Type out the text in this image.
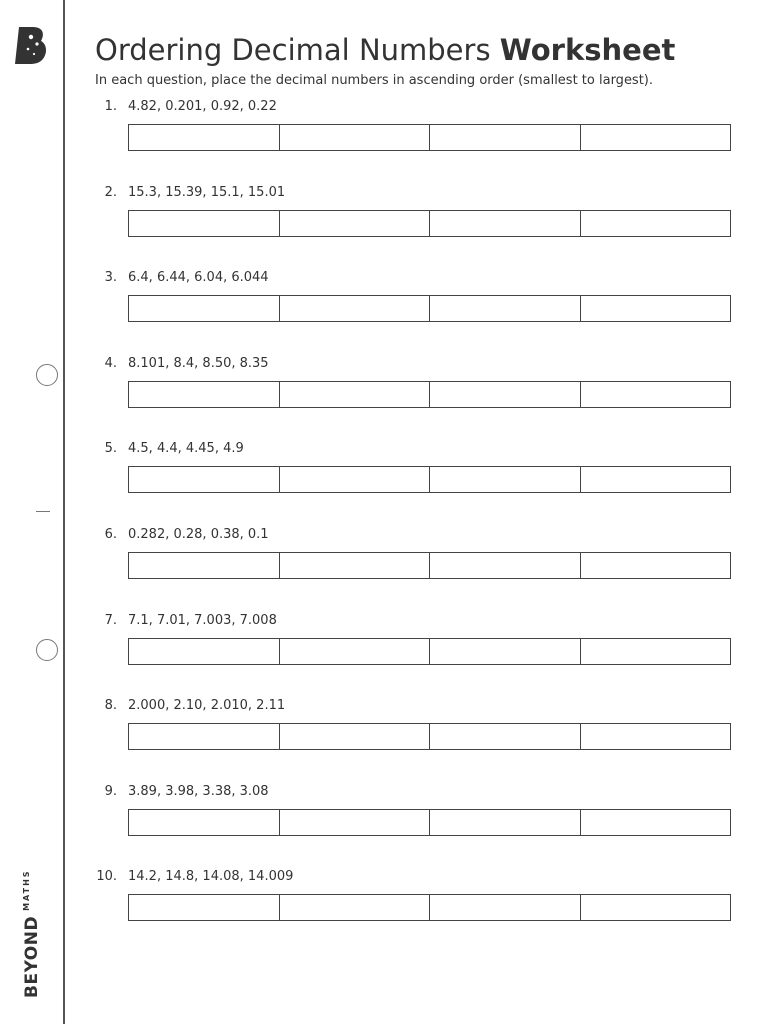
BEYOND
MATHS
Ordering Decimal Numbers Worksheet
In each question, place the decimal numbers in ascending order (smallest to largest).
1. 4.82, 0.201, 0.92, 0.22
2. 15.3, 15.39, 15.1, 15.01
3. 6.4, 6.44, 6.04, 6.044
4. 8.101, 8.4, 8.50, 8.35
5. 4.5, 4.4, 4.45, 4.9
6. 0.282, 0.28, 0.38, 0.1
7. 7.1, 7.01, 7.003, 7.008
8. 2.000, 2.10, 2.010, 2.11
9. 3.89, 3.98, 3.38, 3.08
10. 14.2, 14.8, 14.08, 14.009
